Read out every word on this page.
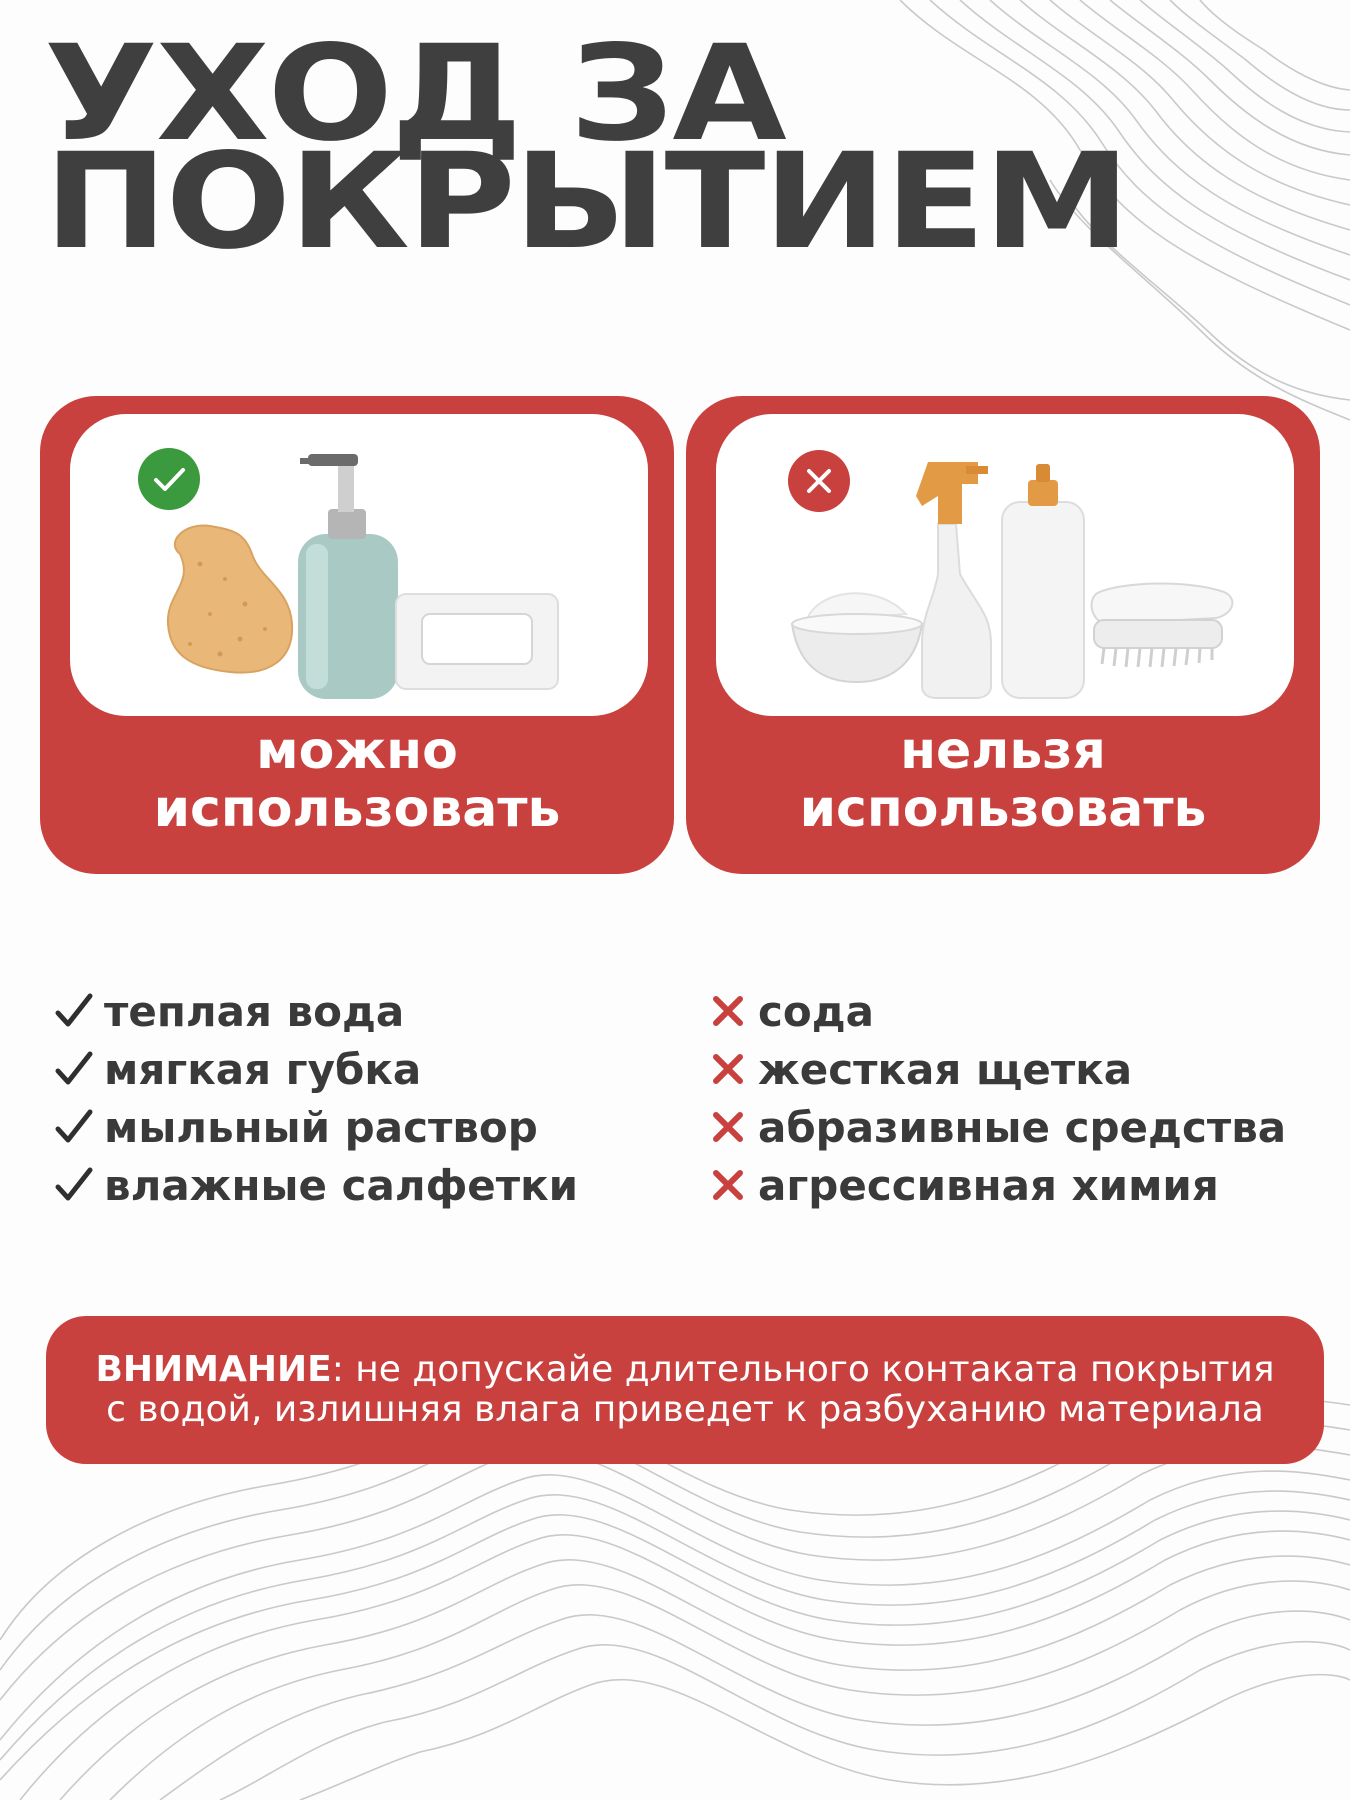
УХОД ЗА
ПОКРЫТИЕМ
можно
использовать
нельзя
использовать
теплая вода
мягкая губка
мыльный раствор
влажные салфетки
сода
жесткая щетка
абразивные средства
агрессивная химия
ВНИМАНИЕ: не допускайе длительного контаката покрытия
с водой, излишняя влага приведет к разбуханию материала
